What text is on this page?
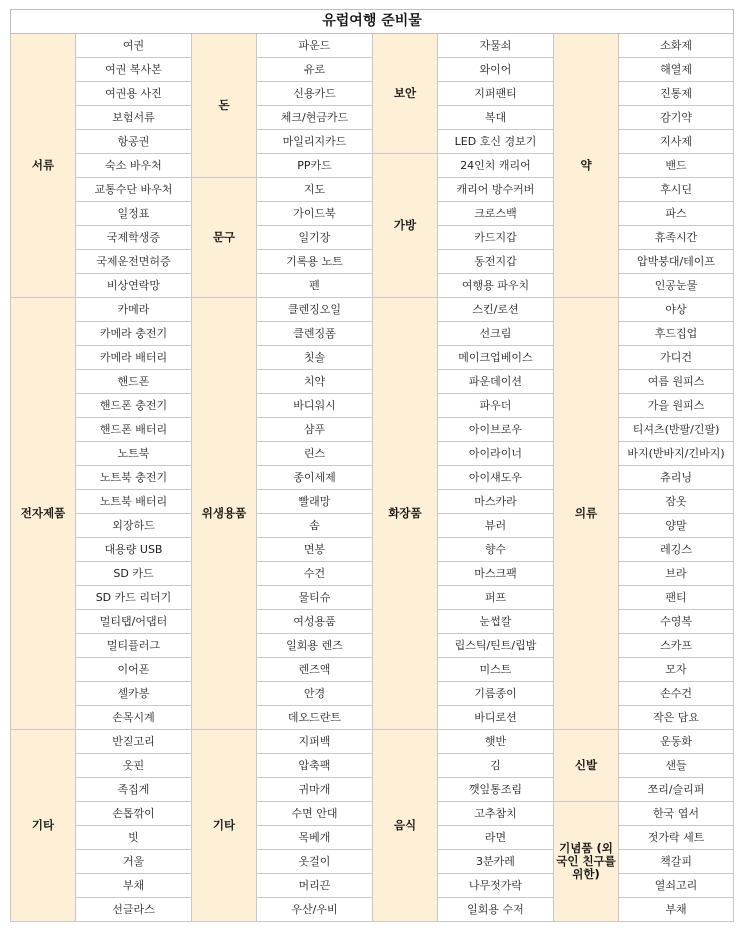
유럽여행 준비물							
서류	여권	돈	파운드	보안	자물쇠	약	소화제
	여권 복사본		유로		와이어		해열제
	여권용 사진		신용카드		지퍼팬티		진통제
	보험서류		체크/현금카드		복대		감기약
	항공권		마일리지카드		LED 호신 경보기		지사제
	숙소 바우처		PP카드	가방	24인치 캐리어		밴드
	교통수단 바우처	문구	지도		캐리어 방수커버		후시딘
	일정표		가이드북		크로스백		파스
	국제학생증		일기장		카드지갑		휴족시간
	국제운전면허증		기록용 노트		동전지갑		압박붕대/테이프
	비상연락망		펜		여행용 파우치		인공눈물
전자제품	카메라	위생용품	클렌징오일	화장품	스킨/로션	의류	야상
	카메라 충전기		클렌징폼		선크림		후드집업
	카메라 배터리		칫솔		메이크업베이스		가디건
	핸드폰		치약		파운데이션		여름 원피스
	핸드폰 충전기		바디워시		파우더		가을 원피스
	핸드폰 배터리		샴푸		아이브로우		티셔츠(반팔/긴팔)
	노트북		린스		아이라이너		바지(반바지/긴바지)
	노트북 충전기		종이세제		아이섀도우		츄리닝
	노트북 배터리		빨래망		마스카라		잠옷
	외장하드		솜		뷰러		양말
	대용량 USB		면봉		향수		레깅스
	SD 카드		수건		마스크팩		브라
	SD 카드 리더기		물티슈		퍼프		팬티
	멀티탭/어댑터		여성용품		눈썹칼		수영복
	멀티플러그		일회용 렌즈		립스틱/틴트/립밤		스카프
	이어폰		렌즈액		미스트		모자
	셀카봉		안경		기름종이		손수건
	손목시계		데오드란트		바디로션		작은 담요
기타	반짇고리	기타	지퍼백	음식	햇반	신발	운동화
	옷핀		압축팩		김		샌들
	족집게		귀마개		깻잎통조림		쪼리/슬리퍼
	손톱깎이		수면 안대		고추참치	기념품 (외국인 친구를 위한)	한국 엽서
	빗		목베개		라면		젓가락 세트
	거울		옷걸이		3분카레		책갈피
	부채		머리끈		나무젓가락		열쇠고리
	선글라스		우산/우비		일회용 수저		부채
